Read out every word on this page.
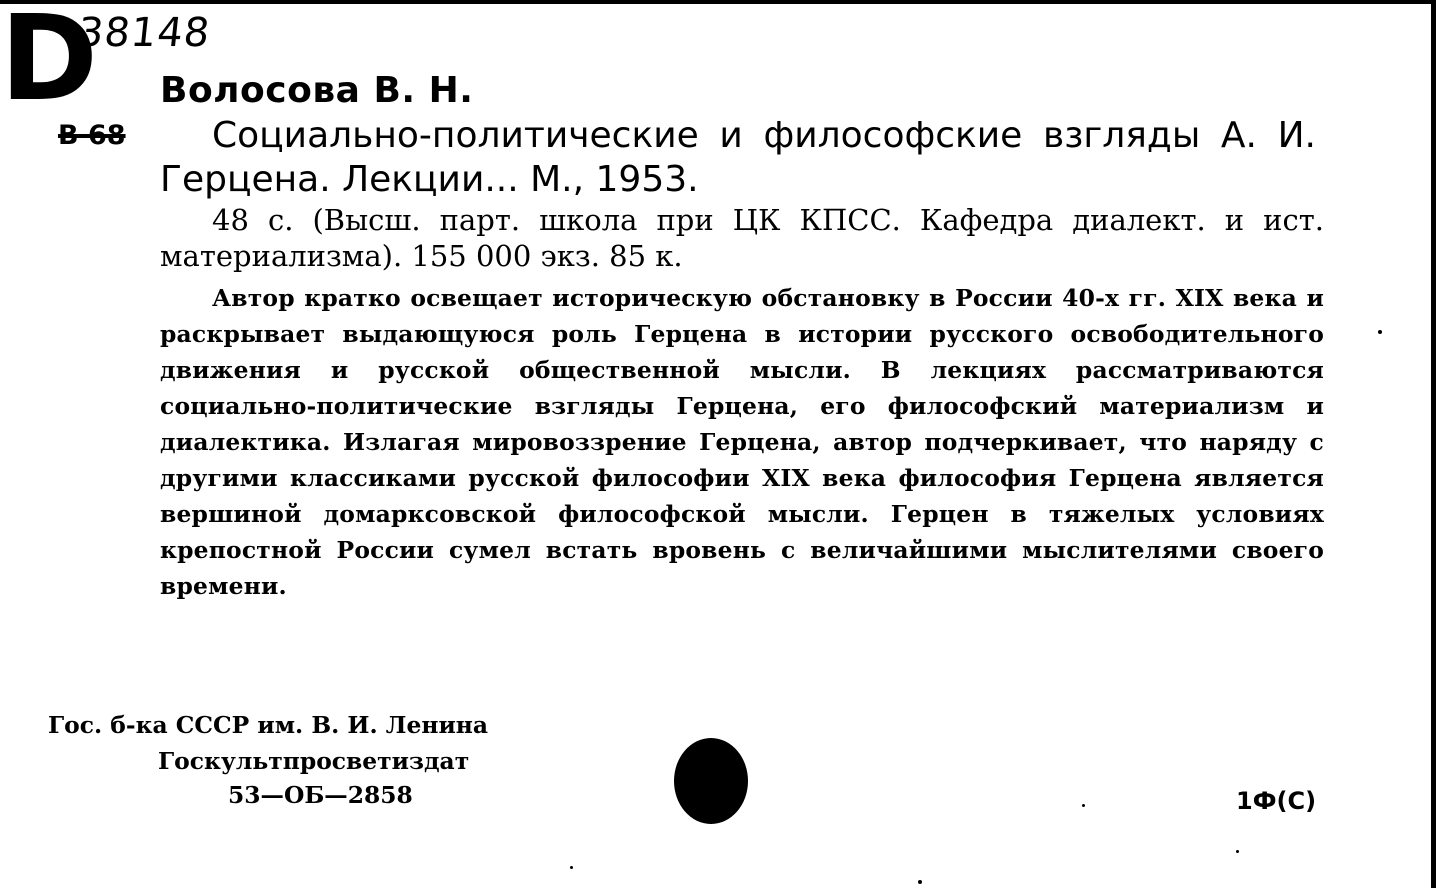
D
38148
Волосова В. Н.
В 68	Социально-политические и философские взгляды А. И. Герцена. Лекции... М., 1953.

48 с. (Высш. парт. школа при ЦК КПСС. Кафедра диалект. и ист. материализма). 155 000 экз. 85 к.

Автор кратко освещает историческую обстановку в России 40-х гг. XIX века и раскрывает выдающуюся роль Герцена в истории русского освободительного движения и русской общественной мысли. В лекциях рассматриваются социально-политические взгляды Герцена, его философский материализм и диалектика. Излагая мировоззрение Герцена, автор подчеркивает, что наряду с другими классиками русской философии XIX века философия Герцена является вершиной домарксовской философской мысли. Герцен в тяжелых условиях крепостной России сумел встать вровень с величайшими мыслителями своего времени.

Гос. б-ка СССР им. В. И. Ленина
Госкультпросветиздат
53—ОБ—2858	1Ф(С)
